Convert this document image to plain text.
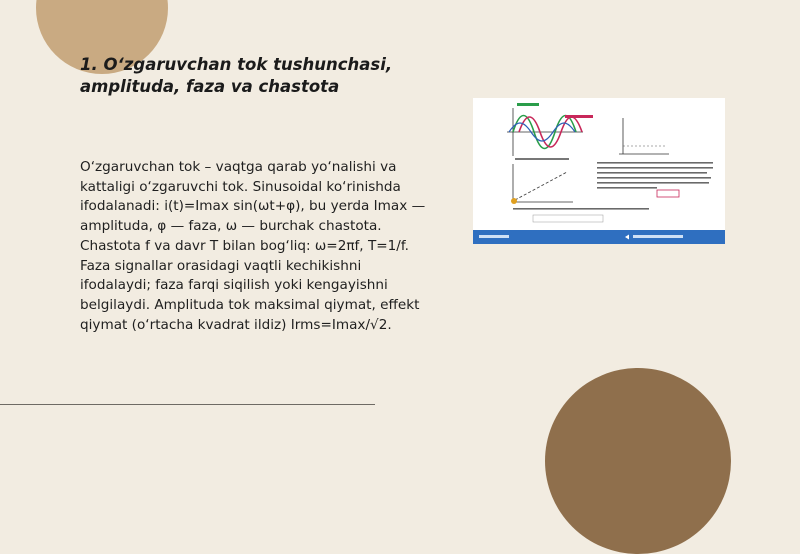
1. O‘zgaruvchan tok tushunchasi, amplituda, faza va chastota

O‘zgaruvchan tok – vaqtga qarab yo‘nalishi va kattaligi o‘zgaruvchi tok. Sinusoidal ko‘rinishda ifodalanadi: i(t)=Imax sin(ωt+φ), bu yerda Imax — amplituda, φ — faza, ω — burchak chastota. Chastota f va davr T bilan bog‘liq: ω=2πf, T=1/f. Faza signallar orasidagi vaqtli kechikishni ifodalaydi; faza farqi siqilish yoki kengayishni belgilaydi. Amplituda tok maksimal qiymat, effekt qiymat (o‘rtacha kvadrat ildiz) Irms=Imax/√2.
